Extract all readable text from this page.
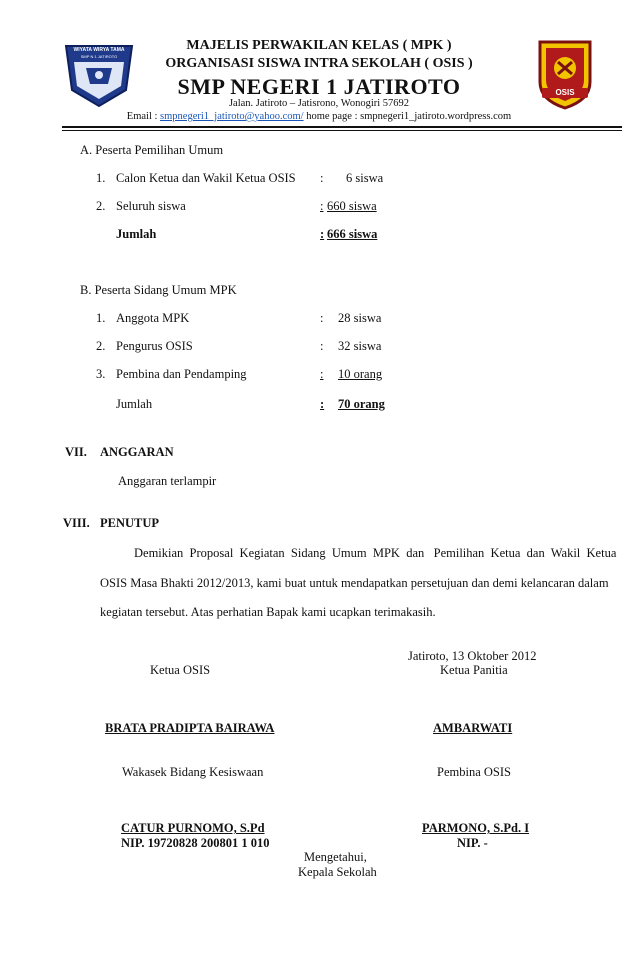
WIYATA WIRYA TAMA
SMP N 1 JATIROTO
OSIS
MAJELIS PERWAKILAN KELAS ( MPK )
ORGANISASI SISWA INTRA SEKOLAH ( OSIS )
SMP NEGERI 1 JATIROTO
Jalan. Jatiroto – Jatisrono, Wonogiri 57692
Email : smpnegeri1_jatiroto@yahoo.com/ home page : smpnegeri1_jatiroto.wordpress.com
A. Peserta Pemilihan Umum
1. Calon Ketua dan Wakil Ketua OSIS : 6 siswa
2. Seluruh siswa	: 660 siswa
Jumlah	: 666 siswa
B. Peserta Sidang Umum MPK
1. Anggota MPK	: 28 siswa
2. Pengurus OSIS	: 32 siswa
3. Pembina dan Pendamping	: 10 orang
Jumlah	: 70 orang
VII. ANGGARAN
Anggaran terlampir
VIII. PENUTUP
Demikian  Proposal  Kegiatan  Sidang  Umum  MPK  dan   Pemilihan  Ketua  dan  Wakil  Ketua
OSIS Masa Bhakti 2012/2013, kami buat untuk mendapatkan persetujuan dan demi kelancaran dalam
kegiatan tersebut. Atas perhatian Bapak kami ucapkan terimakasih.
Jatiroto, 13 Oktober 2012
Ketua OSIS	Ketua Panitia
BRATA PRADIPTA BAIRAWA	AMBARWATI
Wakasek Bidang Kesiswaan	Pembina OSIS
CATUR PURNOMO, S.Pd
NIP. 19720828 200801 1 010
PARMONO, S.Pd. I
NIP. -
Mengetahui,
Kepala Sekolah
